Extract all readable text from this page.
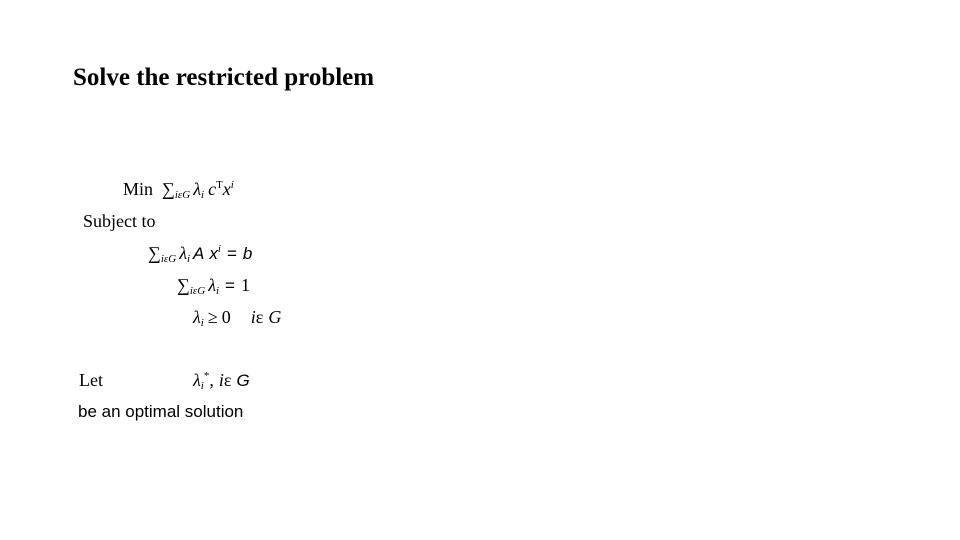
Solve the restricted problem
Min $\sum_{i\varepsilon G}$ $\lambda_i$ $c^Tx^i$
Subject to
$\sum_{i\varepsilon G}$ $\lambda_i$ A $x^i = b$
$\sum_{i\varepsilon G}$ $\lambda_i = 1$
$\lambda_i \ge 0$ iε G
Let	$\lambda_i^*$, iε G
be an optimal solution
